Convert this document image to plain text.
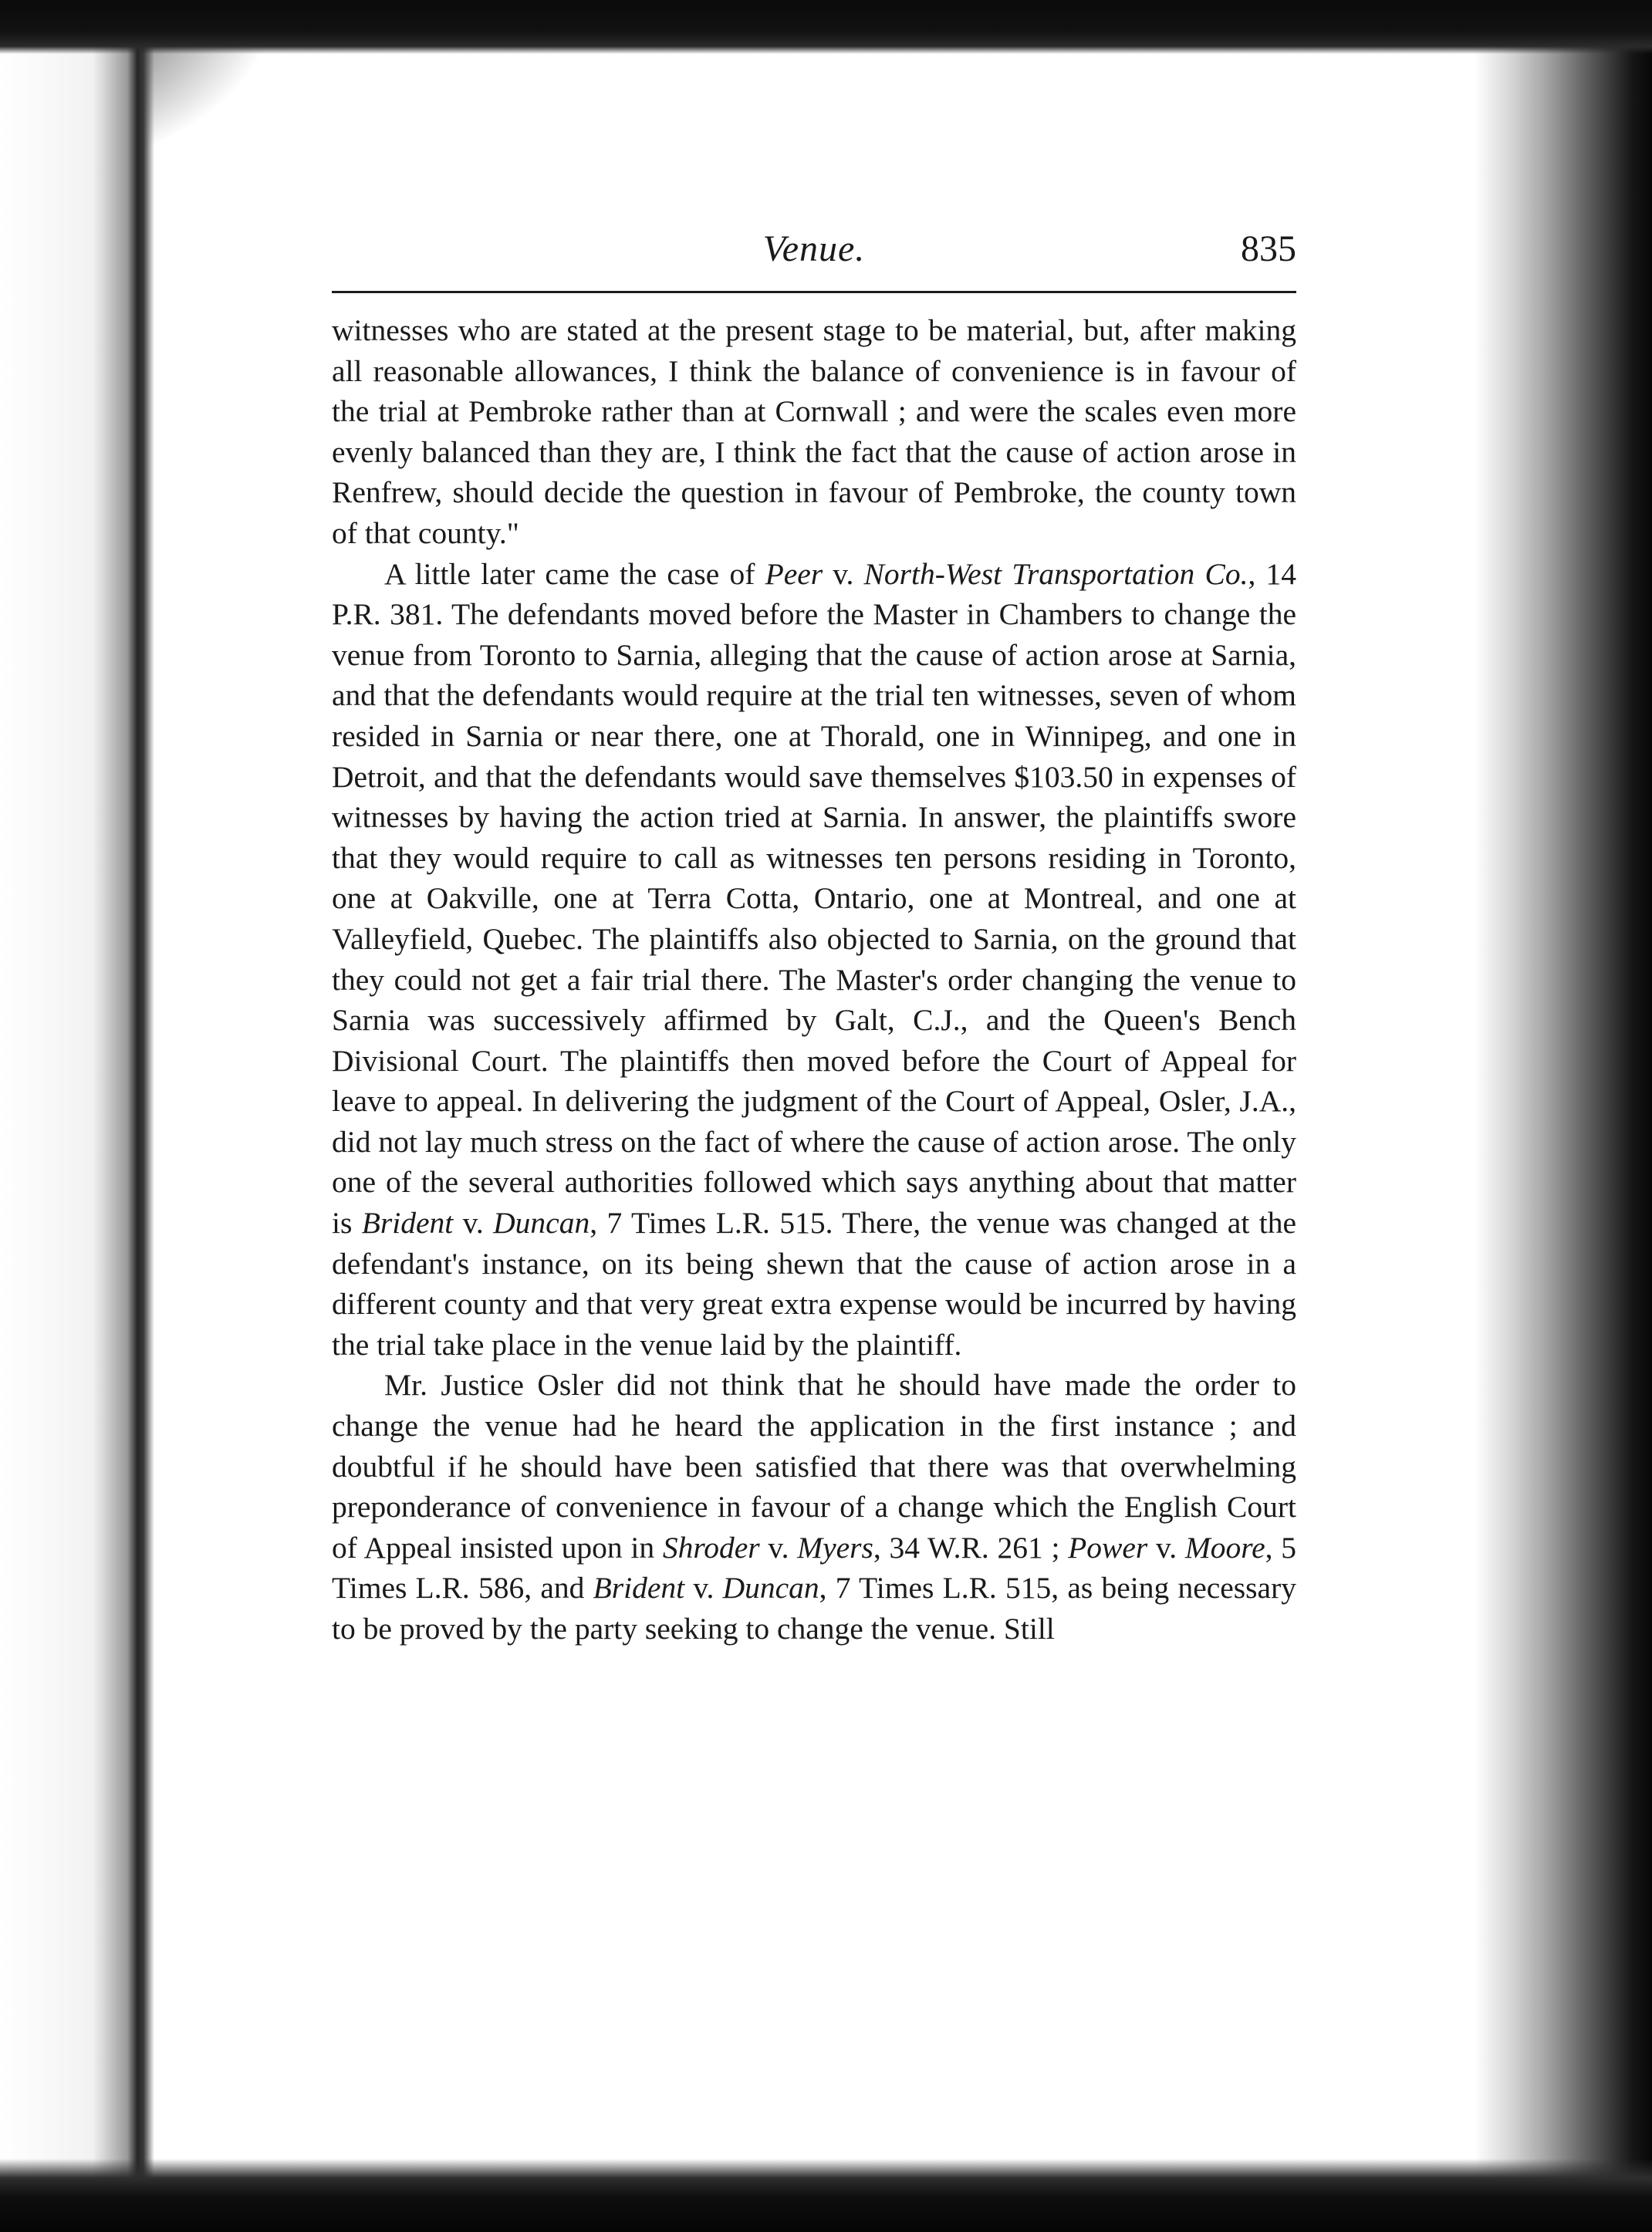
Venue.	835

witnesses who are stated at the present stage to be material, but, after making all reasonable allowances, I think the balance of convenience is in favour of the trial at Pembroke rather than at Cornwall ; and were the scales even more evenly balanced than they are, I think the fact that the cause of action arose in Renfrew, should decide the question in favour of Pembroke, the county town of that county."

A little later came the case of Peer v. North-West Transportation Co., 14 P.R. 381. The defendants moved before the Master in Chambers to change the venue from Toronto to Sarnia, alleging that the cause of action arose at Sarnia, and that the defendants would require at the trial ten witnesses, seven of whom resided in Sarnia or near there, one at Thorald, one in Winnipeg, and one in Detroit, and that the defendants would save themselves $103.50 in expenses of witnesses by having the action tried at Sarnia. In answer, the plaintiffs swore that they would require to call as witnesses ten persons residing in Toronto, one at Oakville, one at Terra Cotta, Ontario, one at Montreal, and one at Valleyfield, Quebec. The plaintiffs also objected to Sarnia, on the ground that they could not get a fair trial there. The Master's order changing the venue to Sarnia was successively affirmed by Galt, C.J., and the Queen's Bench Divisional Court. The plaintiffs then moved before the Court of Appeal for leave to appeal. In delivering the judgment of the Court of Appeal, Osler, J.A., did not lay much stress on the fact of where the cause of action arose. The only one of the several authorities followed which says anything about that matter is Brident v. Duncan, 7 Times L.R. 515. There, the venue was changed at the defendant's instance, on its being shewn that the cause of action arose in a different county and that very great extra expense would be incurred by having the trial take place in the venue laid by the plaintiff.

Mr. Justice Osler did not think that he should have made the order to change the venue had he heard the application in the first instance ; and doubtful if he should have been satisfied that there was that overwhelming preponderance of convenience in favour of a change which the English Court of Appeal insisted upon in Shroder v. Myers, 34 W.R. 261 ; Power v. Moore, 5 Times L.R. 586, and Brident v. Duncan, 7 Times L.R. 515, as being necessary to be proved by the party seeking to change the venue. Still
